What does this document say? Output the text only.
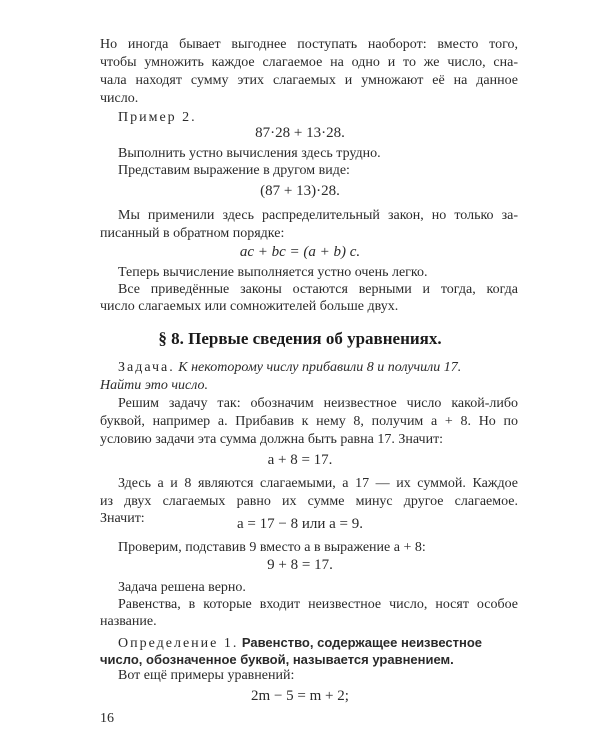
Но иногда бывает выгоднее поступать наоборот: вместо того,
чтобы умножить каждое слагаемое на одно и то же число, сна-
чала находят сумму этих слагаемых и умножают её на данное
число.
Пример 2.
87·28 + 13·28.
Выполнить устно вычисления здесь трудно.
Представим выражение в другом виде:
(87 + 13)·28.
Мы применили здесь распределительный закон, но только за-
писанный в обратном порядке:
ac + bc = (a + b) c.
Теперь вычисление выполняется устно очень легко.
Все приведённые законы остаются верными и тогда, когда
число слагаемых или сомножителей больше двух.
§ 8. Первые сведения об уравнениях.
Задача. К некоторому числу прибавили 8 и получили 17.
Найти это число.
Решим задачу так: обозначим неизвестное число какой-либо
буквой, например a. Прибавив к нему 8, получим a + 8. Но по
условию задачи эта сумма должна быть равна 17. Значит:
a + 8 = 17.
Здесь a и 8 являются слагаемыми, а 17 — их суммой. Каждое
из двух слагаемых равно их сумме минус другое слагаемое.
Значит:	a = 17 − 8 или a = 9.
Проверим, подставив 9 вместо a в выражение a + 8:
9 + 8 = 17.
Задача решена верно.
Равенства, в которые входит неизвестное число, носят особое
название.
Определение 1. Равенство, содержащее неизвестное
число, обозначенное буквой, называется уравнением.
Вот ещё примеры уравнений:
2m − 5 = m + 2;
16
